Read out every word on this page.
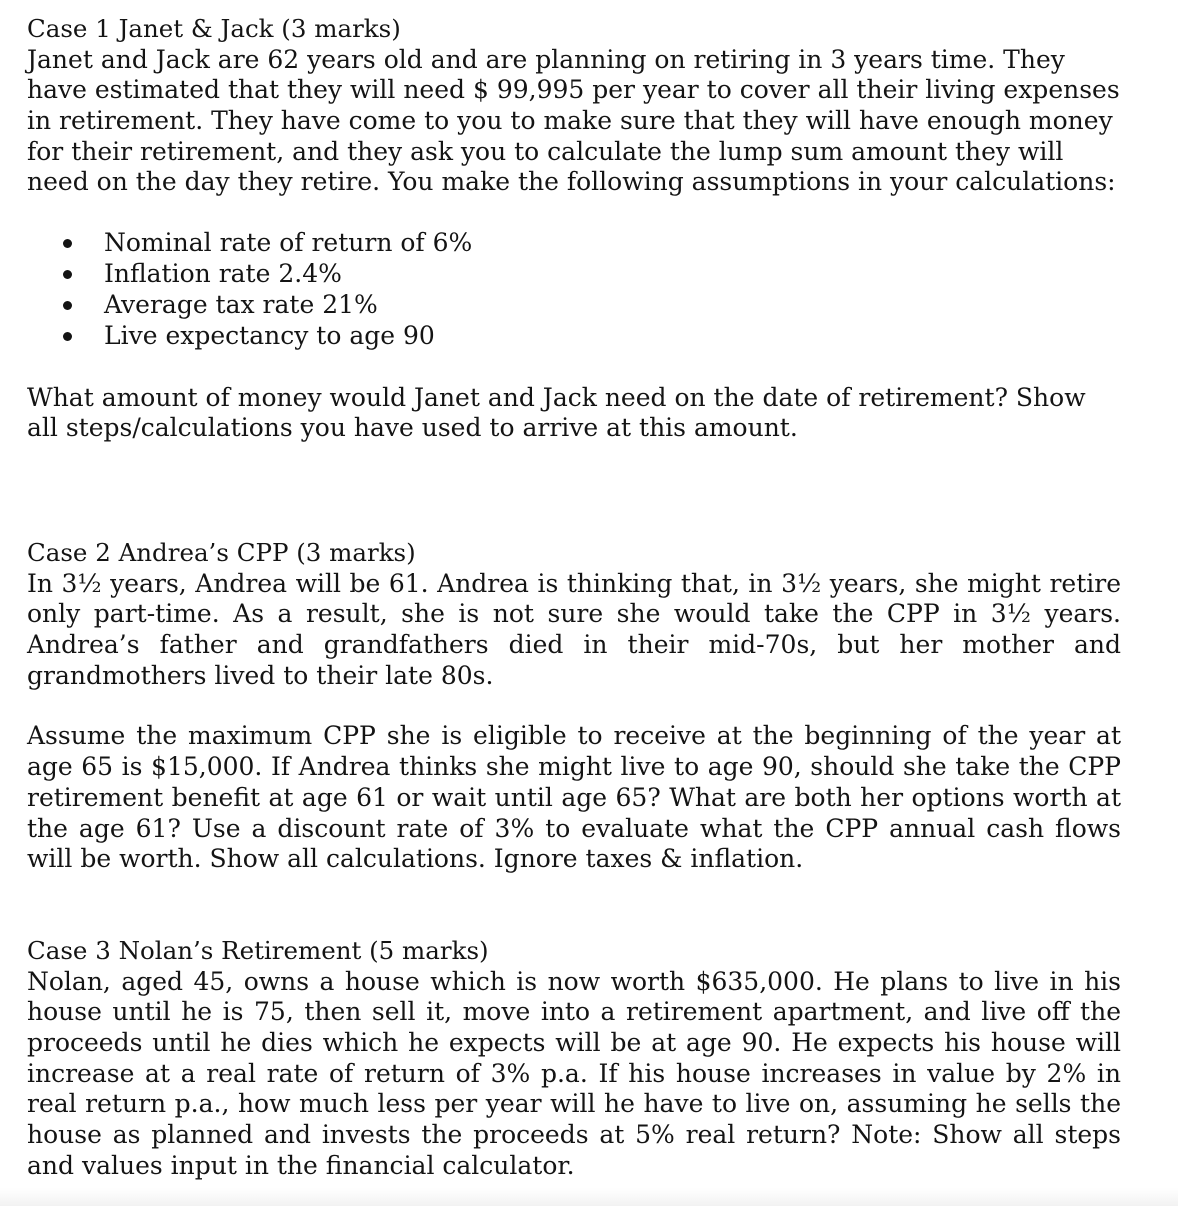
Case 1 Janet & Jack (3 marks)

Janet and Jack are 62 years old and are planning on retiring in 3 years time. They have estimated that they will need $ 99,995 per year to cover all their living expenses in retirement. They have come to you to make sure that they will have enough money for their retirement, and they ask you to calculate the lump sum amount they will need on the day they retire. You make the following assumptions in your calculations:

Nominal rate of return of 6%
Inflation rate 2.4%
Average tax rate 21%
Live expectancy to age 90

What amount of money would Janet and Jack need on the date of retirement? Show all steps/calculations you have used to arrive at this amount.

Case 2 Andrea’s CPP (3 marks)

In 3½ years, Andrea will be 61. Andrea is thinking that, in 3½ years, she might retire only part-time. As a result, she is not sure she would take the CPP in 3½ years. Andrea’s father and grandfathers died in their mid-70s, but her mother and grandmothers lived to their late 80s.

Assume the maximum CPP she is eligible to receive at the beginning of the year at age 65 is $15,000. If Andrea thinks she might live to age 90, should she take the CPP retirement benefit at age 61 or wait until age 65? What are both her options worth at the age 61? Use a discount rate of 3% to evaluate what the CPP annual cash flows will be worth. Show all calculations. Ignore taxes & inflation.

Case 3 Nolan’s Retirement (5 marks)

Nolan, aged 45, owns a house which is now worth $635,000. He plans to live in his house until he is 75, then sell it, move into a retirement apartment, and live off the proceeds until he dies which he expects will be at age 90. He expects his house will increase at a real rate of return of 3% p.a. If his house increases in value by 2% in real return p.a., how much less per year will he have to live on, assuming he sells the house as planned and invests the proceeds at 5% real return? Note: Show all steps and values input in the financial calculator.
